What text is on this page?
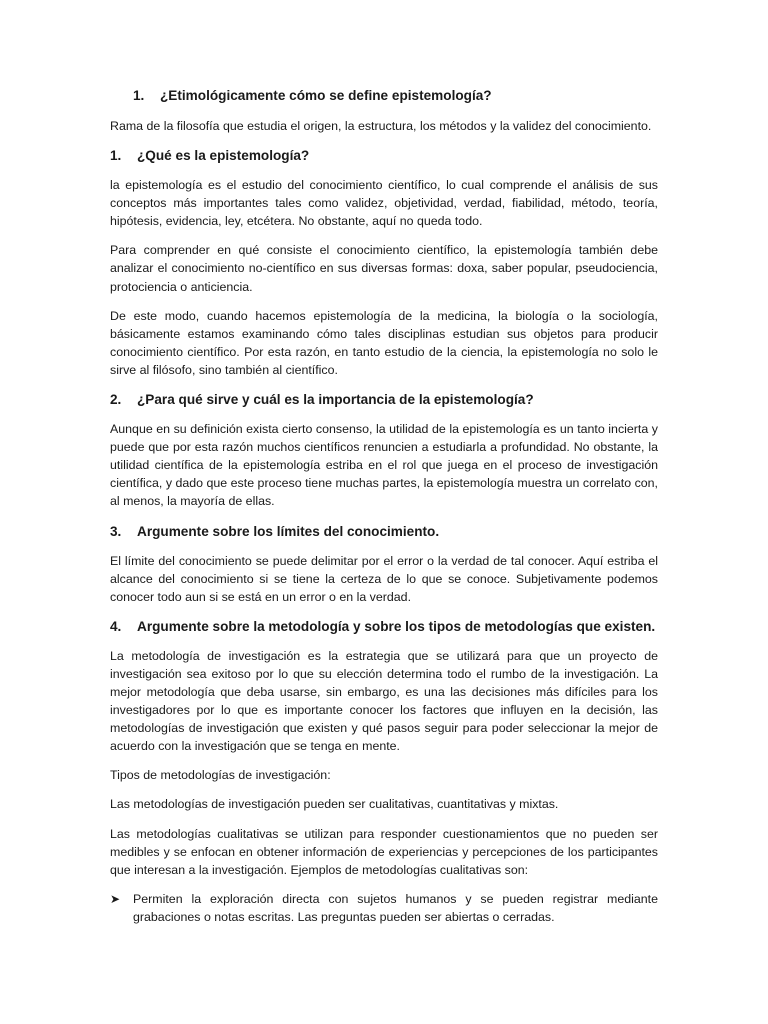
1.	¿Etimológicamente cómo se define epistemología?
Rama de la filosofía que estudia el origen, la estructura, los métodos y la validez del conocimiento.
1.	¿Qué es la epistemología?
la epistemología es el estudio del conocimiento científico, lo cual comprende el análisis de sus conceptos más importantes tales como validez, objetividad, verdad, fiabilidad, método, teoría, hipótesis, evidencia, ley, etcétera. No obstante, aquí no queda todo.
Para comprender en qué consiste el conocimiento científico, la epistemología también debe analizar el conocimiento no-científico en sus diversas formas: doxa, saber popular, pseudociencia, protociencia o anticiencia.
De este modo, cuando hacemos epistemología de la medicina, la biología o la sociología, básicamente estamos examinando cómo tales disciplinas estudian sus objetos para producir conocimiento científico. Por esta razón, en tanto estudio de la ciencia, la epistemología no solo le sirve al filósofo, sino también al científico.
2.	¿Para qué sirve y cuál es la importancia de la epistemología?
Aunque en su definición exista cierto consenso, la utilidad de la epistemología es un tanto incierta y puede que por esta razón muchos científicos renuncien a estudiarla a profundidad. No obstante, la utilidad científica de la epistemología estriba en el rol que juega en el proceso de investigación científica, y dado que este proceso tiene muchas partes, la epistemología muestra un correlato con, al menos, la mayoría de ellas.
3.	Argumente sobre los límites del conocimiento.
El límite del conocimiento se puede delimitar por el error o la verdad de tal conocer. Aquí estriba el alcance del conocimiento si se tiene la certeza de lo que se conoce. Subjetivamente podemos conocer todo aun si se está en un error o en la verdad.
4.	Argumente sobre la metodología y sobre los tipos de metodologías que existen.
La metodología de investigación es la estrategia que se utilizará para que un proyecto de investigación sea exitoso por lo que su elección determina todo el rumbo de la investigación. La mejor metodología que deba usarse, sin embargo, es una las decisiones más difíciles para los investigadores por lo que es importante conocer los factores que influyen en la decisión, las metodologías de investigación que existen y qué pasos seguir para poder seleccionar la mejor de acuerdo con la investigación que se tenga en mente.
Tipos de metodologías de investigación:
Las metodologías de investigación pueden ser cualitativas, cuantitativas y mixtas.
Las metodologías cualitativas se utilizan para responder cuestionamientos que no pueden ser medibles y se enfocan en obtener información de experiencias y percepciones de los participantes que interesan a la investigación. Ejemplos de metodologías cualitativas son:
➤	Permiten la exploración directa con sujetos humanos y se pueden registrar mediante grabaciones o notas escritas. Las preguntas pueden ser abiertas o cerradas.
